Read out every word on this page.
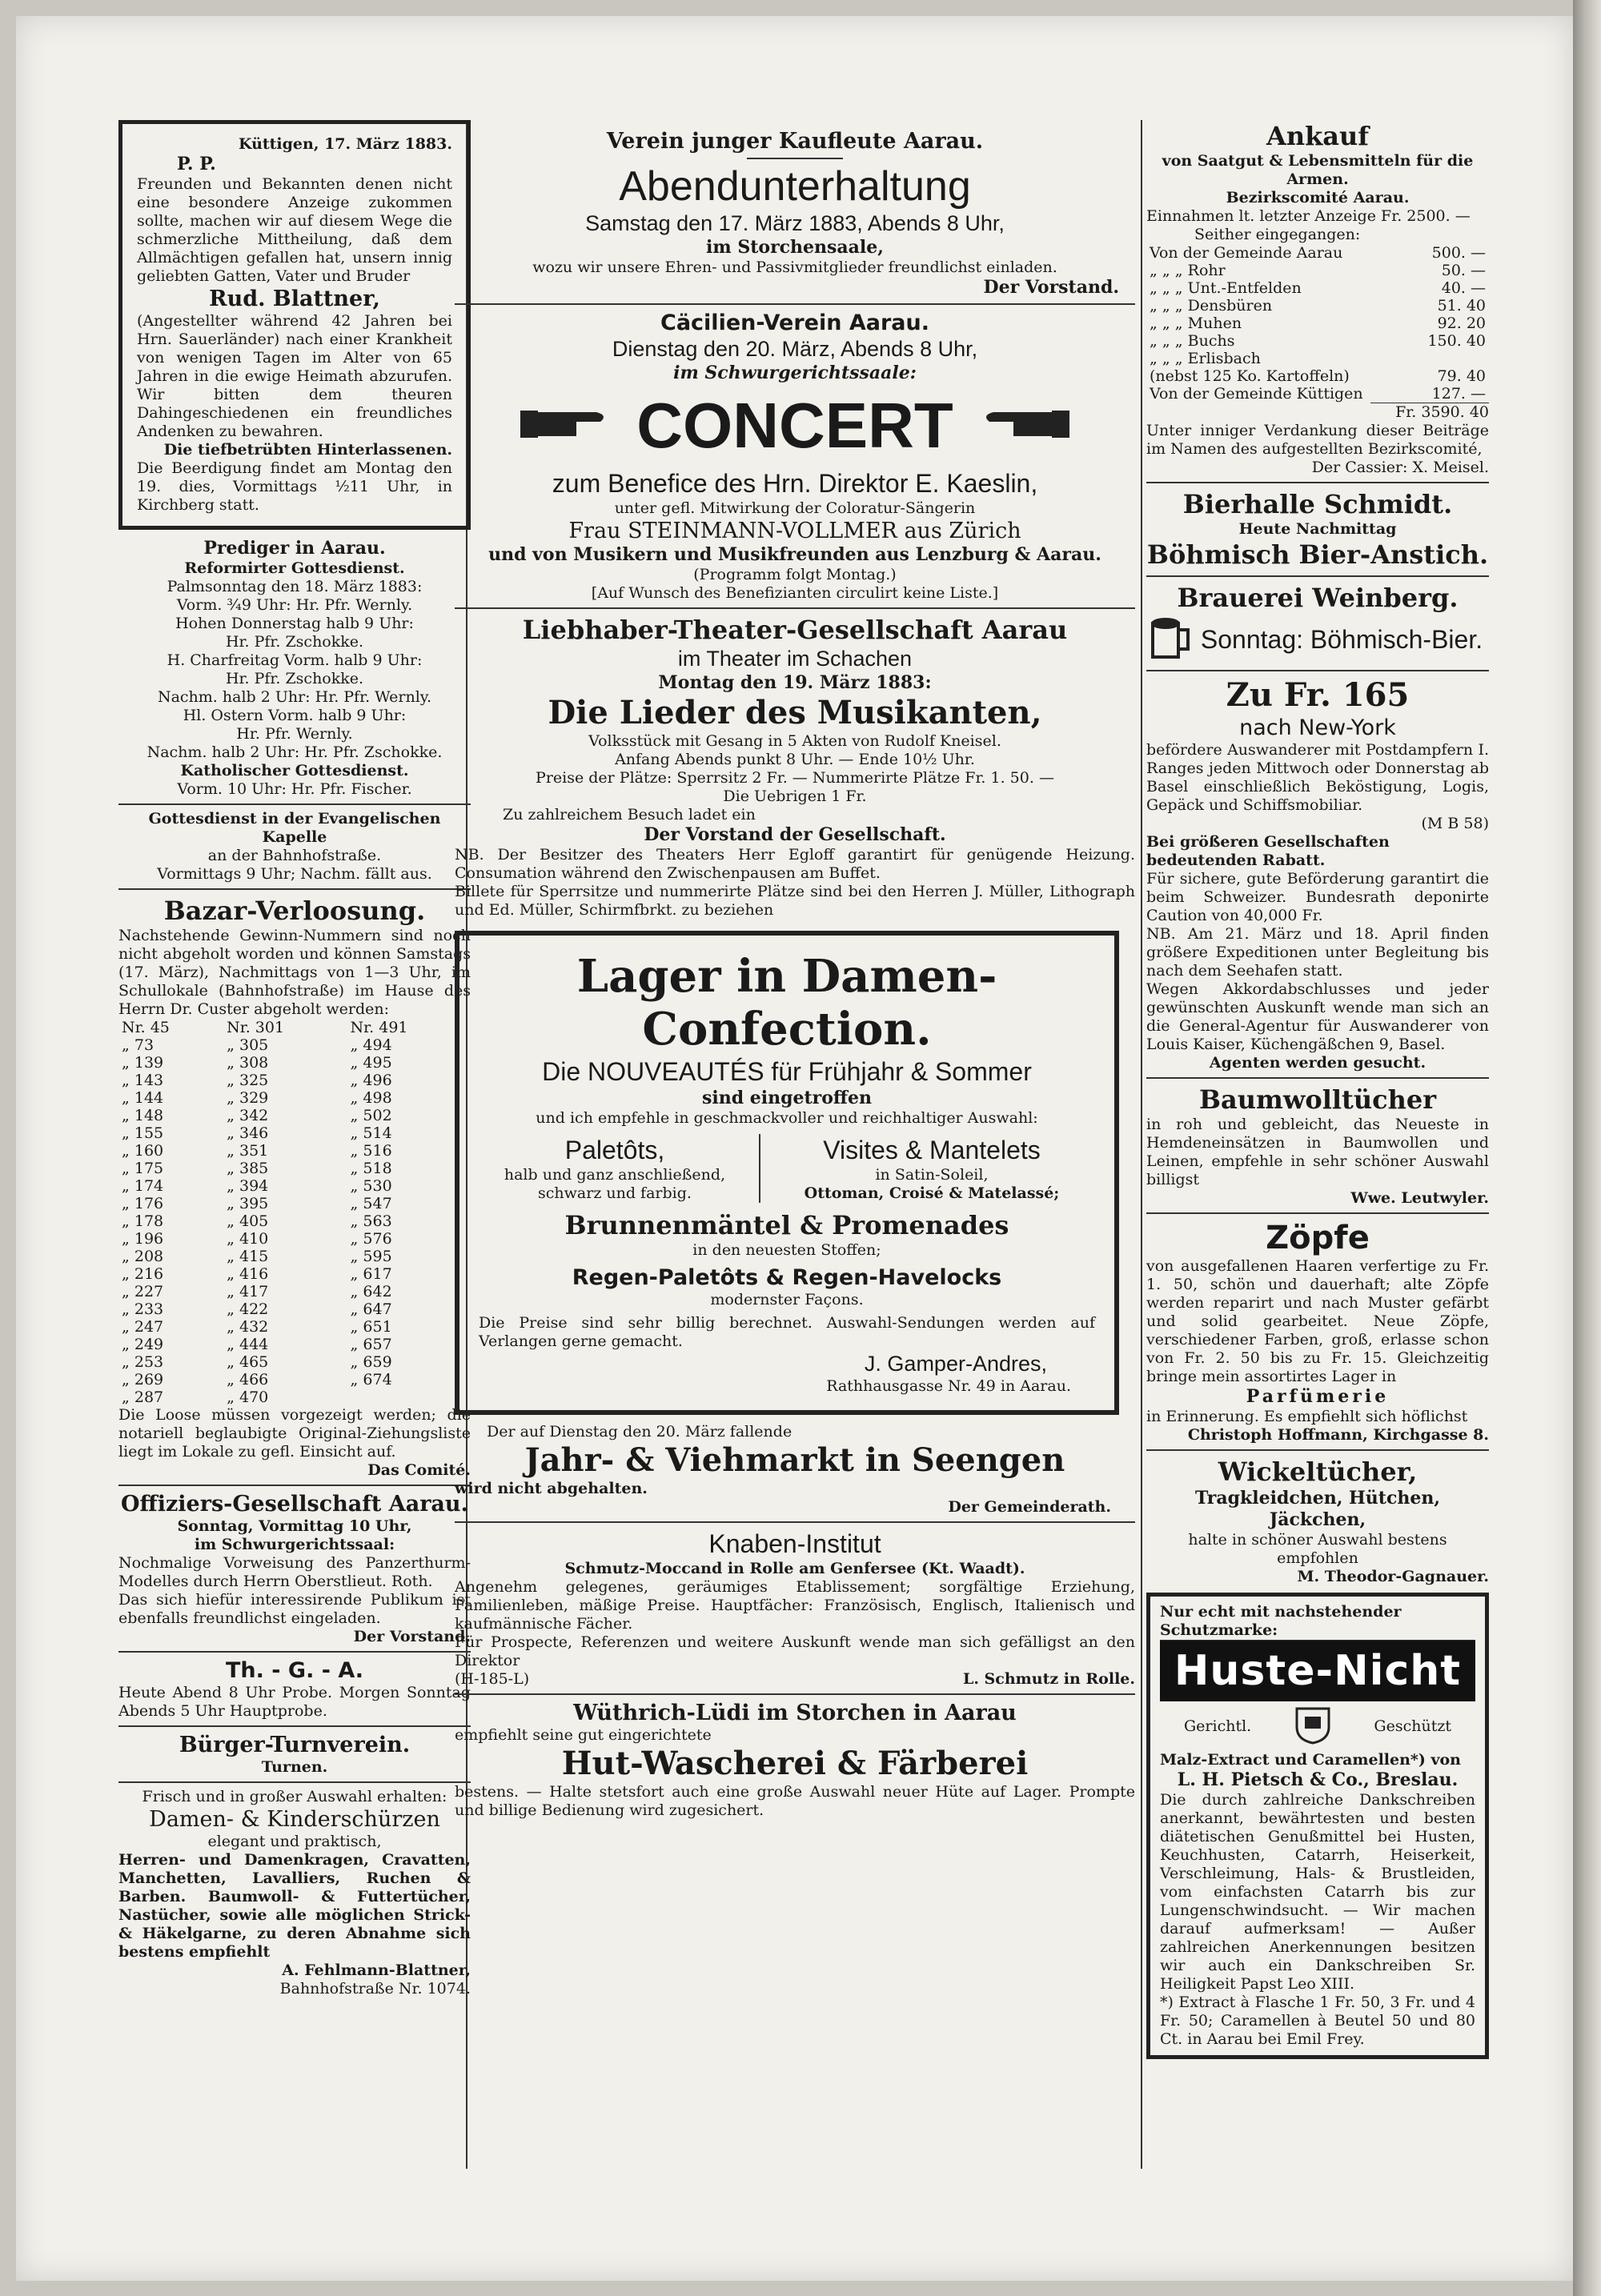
Küttigen, 17. März 1883.
P. P.
Freunden und Bekannten denen nicht eine besondere Anzeige zukommen sollte, machen wir auf diesem Wege die schmerzliche Mittheilung, daß dem Allmächtigen gefallen hat, unsern innig geliebten Gatten, Vater und Bruder
Rud. Blattner,
(Angestellter während 42 Jahren bei Hrn. Sauerländer) nach einer Krankheit von wenigen Tagen im Alter von 65 Jahren in die ewige Heimath abzurufen. Wir bitten dem theuren Dahingeschiedenen ein freundliches Andenken zu bewahren.
Die tiefbetrübten Hinterlassenen.
Die Beerdigung findet am Montag den 19. dies, Vormittags ½11 Uhr, in Kirchberg statt.
Prediger in Aarau.
Reformirter Gottesdienst.
Palmsonntag den 18. März 1883:
Vorm. ¾9 Uhr: Hr. Pfr. Wernly.
Hohen Donnerstag halb 9 Uhr:
Hr. Pfr. Zschokke.
H. Charfreitag Vorm. halb 9 Uhr:
Hr. Pfr. Zschokke.
Nachm. halb 2 Uhr: Hr. Pfr. Wernly.
Hl. Ostern Vorm. halb 9 Uhr:
Hr. Pfr. Wernly.
Nachm. halb 2 Uhr: Hr. Pfr. Zschokke.
Katholischer Gottesdienst.
Vorm. 10 Uhr: Hr. Pfr. Fischer.
Gottesdienst in der Evangelischen Kapelle
an der Bahnhofstraße.
Vormittags 9 Uhr; Nachm. fällt aus.
Bazar-Verloosung.
Nachstehende Gewinn-Nummern sind noch nicht abgeholt worden und können Samstags (17. März), Nachmittags von 1—3 Uhr, im Schullokale (Bahnhofstraße) im Hause des Herrn Dr. Custer abgeholt werden:
Nr. 45	Nr. 301	Nr. 491
„ 73	„ 305	„ 494
„ 139	„ 308	„ 495
„ 143	„ 325	„ 496
„ 144	„ 329	„ 498
„ 148	„ 342	„ 502
„ 155	„ 346	„ 514
„ 160	„ 351	„ 516
„ 175	„ 385	„ 518
„ 174	„ 394	„ 530
„ 176	„ 395	„ 547
„ 178	„ 405	„ 563
„ 196	„ 410	„ 576
„ 208	„ 415	„ 595
„ 216	„ 416	„ 617
„ 227	„ 417	„ 642
„ 233	„ 422	„ 647
„ 247	„ 432	„ 651
„ 249	„ 444	„ 657
„ 253	„ 465	„ 659
„ 269	„ 466	„ 674
„ 287	„ 470	
Die Loose müssen vorgezeigt werden; die notariell beglaubigte Original-Ziehungsliste liegt im Lokale zu gefl. Einsicht auf.
Das Comité.
Offiziers-Gesellschaft Aarau.
Sonntag, Vormittag 10 Uhr,
im Schwurgerichtssaal:
Nochmalige Vorweisung des Panzerthurm-Modelles durch Herrn Oberstlieut. Roth.
Das sich hiefür interessirende Publikum ist ebenfalls freundlichst eingeladen.
Der Vorstand.
Th. - G. - A.
Heute Abend 8 Uhr Probe. Morgen Sonntag Abends 5 Uhr Hauptprobe.
Bürger-Turnverein.
Turnen.
Frisch und in großer Auswahl erhalten:
Damen- & Kinderschürzen
elegant und praktisch,
Herren- und Damenkragen, Cravatten, Manchetten, Lavalliers, Ruchen & Barben. Baumwoll- & Futtertücher, Nastücher, sowie alle möglichen Strick- & Häkelgarne, zu deren Abnahme sich bestens empfiehlt
A. Fehlmann-Blattner,
Bahnhofstraße Nr. 1074.
Verein junger Kaufleute Aarau.
Abendunterhaltung
Samstag den 17. März 1883, Abends 8 Uhr,
im Storchensaale,
wozu wir unsere Ehren- und Passivmitglieder freundlichst einladen.
Der Vorstand.
Cäcilien-Verein Aarau.
Dienstag den 20. März, Abends 8 Uhr,
im Schwurgerichtssaale:
CONCERT
zum Benefice des Hrn. Direktor E. Kaeslin,
unter gefl. Mitwirkung der Coloratur-Sängerin
Frau STEINMANN-VOLLMER aus Zürich
und von Musikern und Musikfreunden aus Lenzburg & Aarau.
(Programm folgt Montag.)
[Auf Wunsch des Benefizianten circulirt keine Liste.]
Liebhaber-Theater-Gesellschaft Aarau
im Theater im Schachen
Montag den 19. März 1883:
Die Lieder des Musikanten,
Volksstück mit Gesang in 5 Akten von Rudolf Kneisel.
Anfang Abends punkt 8 Uhr. — Ende 10½ Uhr.
Preise der Plätze: Sperrsitz 2 Fr. — Nummerirte Plätze Fr. 1. 50. —
Die Uebrigen 1 Fr.
Zu zahlreichem Besuch ladet ein
Der Vorstand der Gesellschaft.
NB. Der Besitzer des Theaters Herr Egloff garantirt für genügende Heizung. Consumation während den Zwischenpausen am Buffet.
Billete für Sperrsitze und nummerirte Plätze sind bei den Herren J. Müller, Lithograph und Ed. Müller, Schirmfbrkt. zu beziehen
Lager in Damen-Confection.
Die NOUVEAUTÉS für Frühjahr & Sommer
sind eingetroffen
und ich empfehle in geschmackvoller und reichhaltiger Auswahl:
Paletôts,
halb und ganz anschließend, schwarz und farbig.
Visites & Mantelets
in Satin-Soleil,
Ottoman, Croisé & Matelassé;
Brunnenmäntel & Promenades
in den neuesten Stoffen;
Regen-Paletôts & Regen-Havelocks
modernster Façons.
Die Preise sind sehr billig berechnet. Auswahl-Sendungen werden auf Verlangen gerne gemacht.
J. Gamper-Andres,
Rathhausgasse Nr. 49 in Aarau.
Der auf Dienstag den 20. März fallende
Jahr- & Viehmarkt in Seengen
wird nicht abgehalten.
Der Gemeinderath.
Knaben-Institut
Schmutz-Moccand in Rolle am Genfersee (Kt. Waadt).
Angenehm gelegenes, geräumiges Etablissement; sorgfältige Erziehung, Familienleben, mäßige Preise. Hauptfächer: Französisch, Englisch, Italienisch und kaufmännische Fächer.
Für Prospecte, Referenzen und weitere Auskunft wende man sich gefälligst an den Direktor
(H-185-L)	L. Schmutz in Rolle.
Wüthrich-Lüdi im Storchen in Aarau
empfiehlt seine gut eingerichtete
Hut-Wascherei & Färberei
bestens. — Halte stetsfort auch eine große Auswahl neuer Hüte auf Lager. Prompte und billige Bedienung wird zugesichert.
Ankauf
von Saatgut & Lebensmitteln für die Armen.
Bezirkscomité Aarau.
Einnahmen lt. letzter Anzeige Fr. 2500. —
Seither eingegangen:
Von der Gemeinde Aarau	500. —
„ „ „ Rohr	50. —
„ „ „ Unt.-Entfelden	40. —
„ „ „ Densbüren	51. 40
„ „ „ Muhen	92. 20
„ „ „ Buchs	150. 40
„ „ „ Erlisbach	
(nebst 125 Ko. Kartoffeln)	79. 40
Von der Gemeinde Küttigen	127. —
Fr. 3590. 40
Unter inniger Verdankung dieser Beiträge im Namen des aufgestellten Bezirkscomité,
Der Cassier: X. Meisel.
Bierhalle Schmidt.
Heute Nachmittag
Böhmisch Bier-Anstich.
Brauerei Weinberg.
Sonntag: Böhmisch-Bier.
Zu Fr. 165
nach New-York
befördere Auswanderer mit Postdampfern I. Ranges jeden Mittwoch oder Donnerstag ab Basel einschließlich Beköstigung, Logis, Gepäck und Schiffsmobiliar.
(M B 58)
Bei größeren Gesellschaften bedeutenden Rabatt.
Für sichere, gute Beförderung garantirt die beim Schweizer. Bundesrath deponirte Caution von 40,000 Fr.
NB. Am 21. März und 18. April finden größere Expeditionen unter Begleitung bis nach dem Seehafen statt.
Wegen Akkordabschlusses und jeder gewünschten Auskunft wende man sich an die General-Agentur für Auswanderer von Louis Kaiser, Küchengäßchen 9, Basel.
Agenten werden gesucht.
Baumwolltücher
in roh und gebleicht, das Neueste in Hemdeneinsätzen in Baumwollen und Leinen, empfehle in sehr schöner Auswahl billigst
Wwe. Leutwyler.
Zöpfe
von ausgefallenen Haaren verfertige zu Fr. 1. 50, schön und dauerhaft; alte Zöpfe werden reparirt und nach Muster gefärbt und solid gearbeitet. Neue Zöpfe, verschiedener Farben, groß, erlasse schon von Fr. 2. 50 bis zu Fr. 15. Gleichzeitig bringe mein assortirtes Lager in
Parfümerie
in Erinnerung. Es empfiehlt sich höflichst
Christoph Hoffmann, Kirchgasse 8.
Wickeltücher,
Tragkleidchen, Hütchen, Jäckchen,
halte in schöner Auswahl bestens empfohlen
M. Theodor-Gagnauer.
Nur echt mit nachstehender Schutzmarke:
Huste-Nicht
Gerichtl.	Geschützt
Malz-Extract und Caramellen*) von
L. H. Pietsch & Co., Breslau.
Die durch zahlreiche Dankschreiben anerkannt, bewährtesten und besten diätetischen Genußmittel bei Husten, Keuchhusten, Catarrh, Heiserkeit, Verschleimung, Hals- & Brustleiden, vom einfachsten Catarrh bis zur Lungenschwindsucht. — Wir machen darauf aufmerksam! — Außer zahlreichen Anerkennungen besitzen wir auch ein Dankschreiben Sr. Heiligkeit Papst Leo XIII.
*) Extract à Flasche 1 Fr. 50, 3 Fr. und 4 Fr. 50; Caramellen à Beutel 50 und 80 Ct. in Aarau bei Emil Frey.
